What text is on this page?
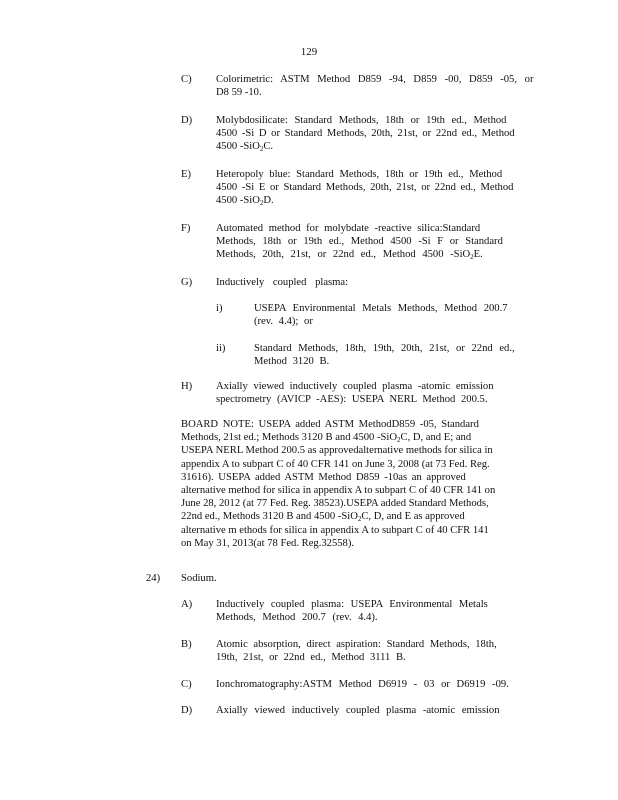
129
C) Colorimetric: ASTM Method D859 -94, D859 -00, D859 -05, or
D8 59 -10.
D) Molybdosilicate: Standard Methods, 18th or 19th ed., Method
4500 -Si D or Standard Methods, 20th, 21st, or 22nd ed., Method
4500 -SiO$_2$C.
E) Heteropoly blue: Standard Methods, 18th or 19th ed., Method
4500 -Si E or Standard Methods, 20th, 21st, or 22nd ed., Method
4500 -SiO$_2$D.
F) Automated method for molybdate -reactive silica:Standard
Methods, 18th or 19th ed., Method 4500 -Si F or Standard
Methods, 20th, 21st, or 22nd ed., Method 4500 -SiO$_2$E.
G) Inductively coupled plasma:
i)	USEPA Environmental Metals Methods, Method 200.7
(rev. 4.4); or
ii)	Standard Methods, 18th, 19th, 20th, 21st, or 22nd ed.,
Method 3120 B.
H) Axially viewed inductively coupled plasma -atomic emission
spectrometry (AVICP -AES): USEPA NERL Method 200.5.
BOARD NOTE: USEPA added ASTM MethodD859 -05, Standard
Methods, 21st ed.; Methods 3120 B and 4500 -SiO$_2$C, D, and E; and
USEPA NERL Method 200.5 as approvedalternative methods for silica in
appendix A to subpart C of 40 CFR 141 on June 3, 2008 (at 73 Fed. Reg.
31616). USEPA added ASTM Method D859 -10as an approved
alternative method for silica in appendix A to subpart C of 40 CFR 141 on
June 28, 2012 (at 77 Fed. Reg. 38523).USEPA added Standard Methods,
22nd ed., Methods 3120 B and 4500 -SiO$_2$C, D, and E as approved
alternative m ethods for silica in appendix A to subpart C of 40 CFR 141
on May 31, 2013(at 78 Fed. Reg.32558).
24) Sodium.
A) Inductively coupled plasma: USEPA Environmental Metals
Methods, Method 200.7 (rev. 4.4).
B) Atomic absorption, direct aspiration: Standard Methods, 18th,
19th, 21st, or 22nd ed., Method 3111 B.
C) Ionchromatography:ASTM Method D6919 - 03 or D6919 -09.
D) Axially viewed inductively coupled plasma -atomic emission
